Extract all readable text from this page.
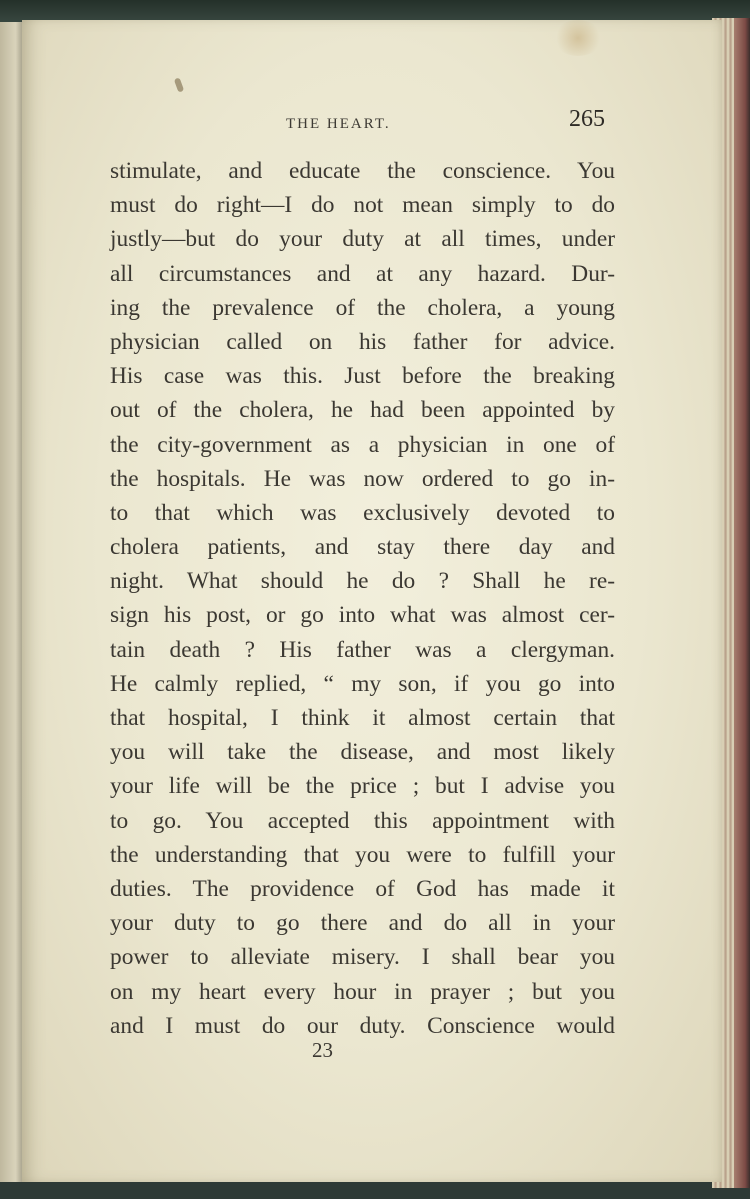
THE HEART.	265
stimulate, and educate the conscience. You
must do right—I do not mean simply to do
justly—but do your duty at all times, under
all circumstances and at any hazard. Dur-
ing the prevalence of the cholera, a young
physician called on his father for advice.
His case was this. Just before the breaking
out of the cholera, he had been appointed by
the city-government as a physician in one of
the hospitals. He was now ordered to go in-
to that which was exclusively devoted to
cholera patients, and stay there day and
night. What should he do ? Shall he re-
sign his post, or go into what was almost cer-
tain death ? His father was a clergyman.
He calmly replied, “ my son, if you go into
that hospital, I think it almost certain that
you will take the disease, and most likely
your life will be the price ; but I advise you
to go. You accepted this appointment with
the understanding that you were to fulfill your
duties. The providence of God has made it
your duty to go there and do all in your
power to alleviate misery. I shall bear you
on my heart every hour in prayer ; but you
and I must do our duty. Conscience would
23
